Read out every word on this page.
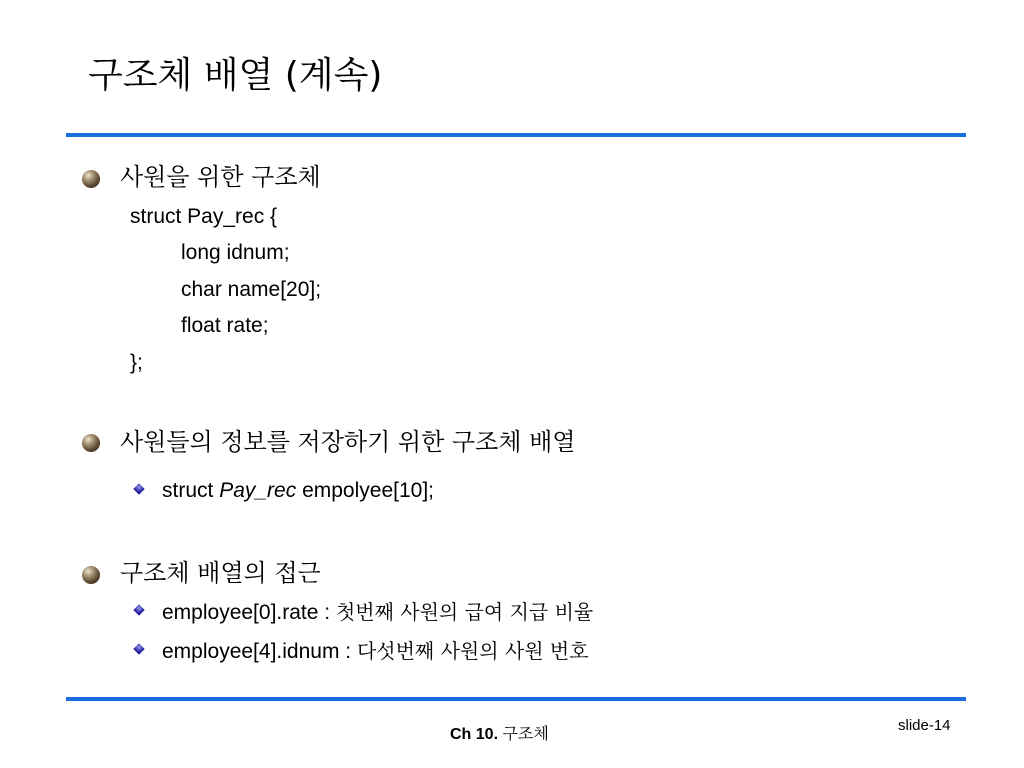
구조체 배열 (계속)
사원을 위한 구조체
struct Pay_rec {
long idnum;
char name[20];
float rate;
};
사원들의 정보를 저장하기 위한 구조체 배열
struct Pay_rec empolyee[10];
구조체 배열의 접근
employee[0].rate : 첫번째 사원의 급여 지급 비율
employee[4].idnum : 다섯번째 사원의 사원 번호
Ch 10. 구조체	slide-14
